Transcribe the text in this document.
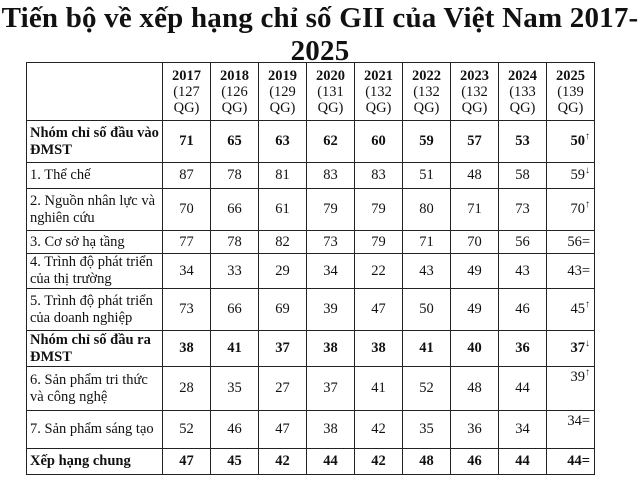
Tiến bộ về xếp hạng chỉ số GII của Việt Nam 2017-
2025

	2017
(127
QG)	2018
(126
QG)	2019
(129
QG)	2020
(131
QG)	2021
(132
QG)	2022
(132
QG)	2023
(132
QG)	2024
(133
QG)	2025
(139
QG)

Nhóm chỉ số đầu vào ĐMST	71	65	63	62	60	59	57	53	50↑
1. Thể chế	87	78	81	83	83	51	48	58	59↓
2. Nguồn nhân lực và nghiên cứu	70	66	61	79	79	80	71	73	70↑
3. Cơ sở hạ tầng	77	78	82	73	79	71	70	56	56=
4. Trình độ phát triển của thị trường	34	33	29	34	22	43	49	43	43=
5. Trình độ phát triển của doanh nghiệp	73	66	69	39	47	50	49	46	45↑
Nhóm chỉ số đầu ra ĐMST	38	41	37	38	38	41	40	36	37↓
6. Sản phẩm tri thức và công nghệ	28	35	27	37	41	52	48	44	39↑
7. Sản phẩm sáng tạo	52	46	47	38	42	35	36	34	34=
Xếp hạng chung	47	45	42	44	42	48	46	44	44=
